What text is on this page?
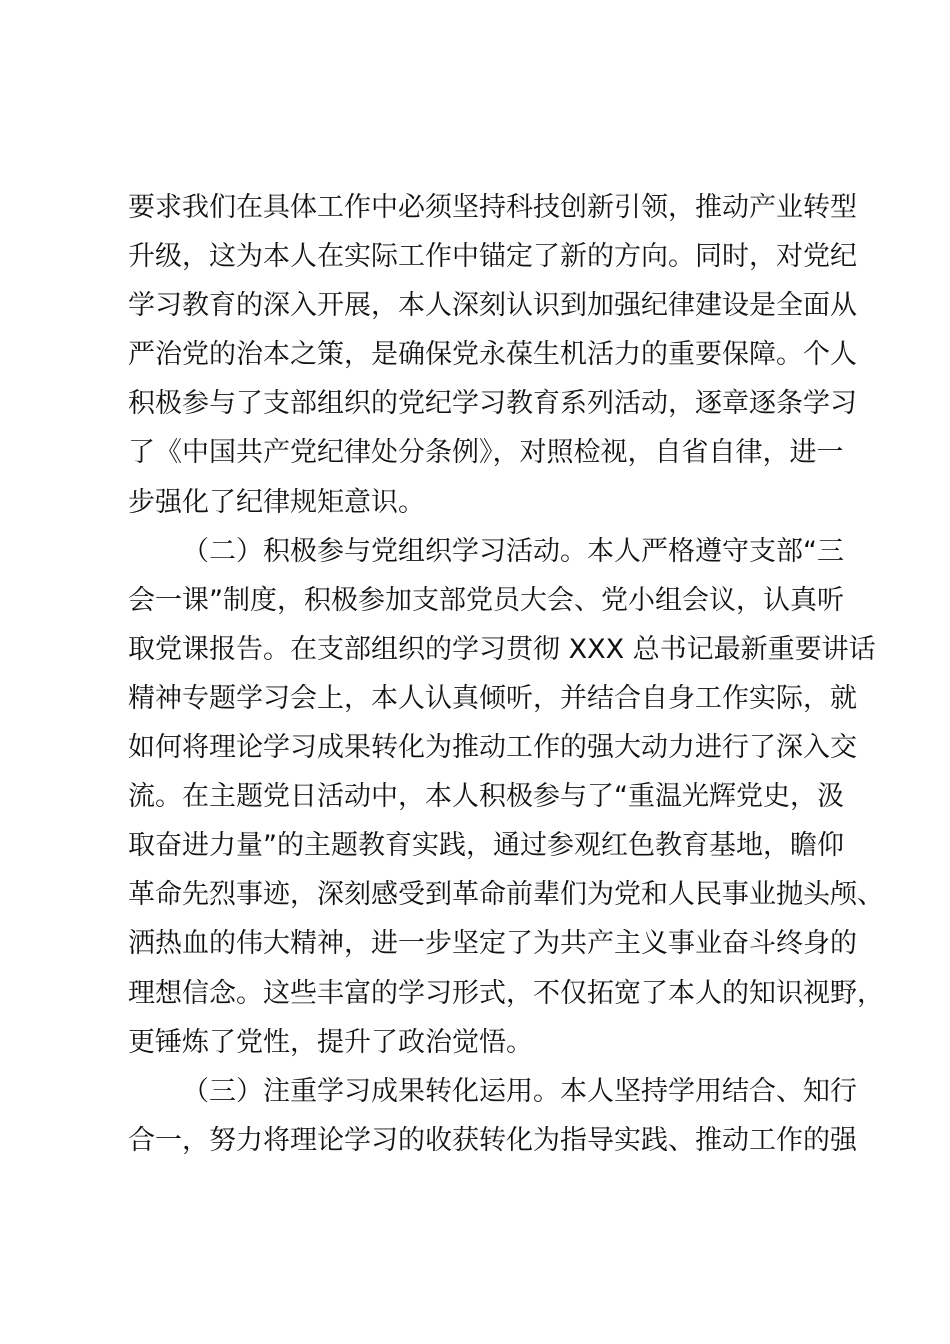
要求我们在具体工作中必须坚持科技创新引领，推动产业转型
升级，这为本人在实际工作中锚定了新的方向。同时，对党纪
学习教育的深入开展，本人深刻认识到加强纪律建设是全面从
严治党的治本之策，是确保党永葆生机活力的重要保障。个人
积极参与了支部组织的党纪学习教育系列活动，逐章逐条学习
了《中国共产党纪律处分条例》，对照检视，自省自律，进一
步强化了纪律规矩意识。
（二）积极参与党组织学习活动。本人严格遵守支部“三
会一课”制度，积极参加支部党员大会、党小组会议，认真听
取党课报告。在支部组织的学习贯彻 XXX 总书记最新重要讲话
精神专题学习会上，本人认真倾听，并结合自身工作实际，就
如何将理论学习成果转化为推动工作的强大动力进行了深入交
流。在主题党日活动中，本人积极参与了“重温光辉党史，汲
取奋进力量”的主题教育实践，通过参观红色教育基地，瞻仰
革命先烈事迹，深刻感受到革命前辈们为党和人民事业抛头颅、
洒热血的伟大精神，进一步坚定了为共产主义事业奋斗终身的
理想信念。这些丰富的学习形式，不仅拓宽了本人的知识视野，
更锤炼了党性，提升了政治觉悟。
（三）注重学习成果转化运用。本人坚持学用结合、知行
合一，努力将理论学习的收获转化为指导实践、推动工作的强
